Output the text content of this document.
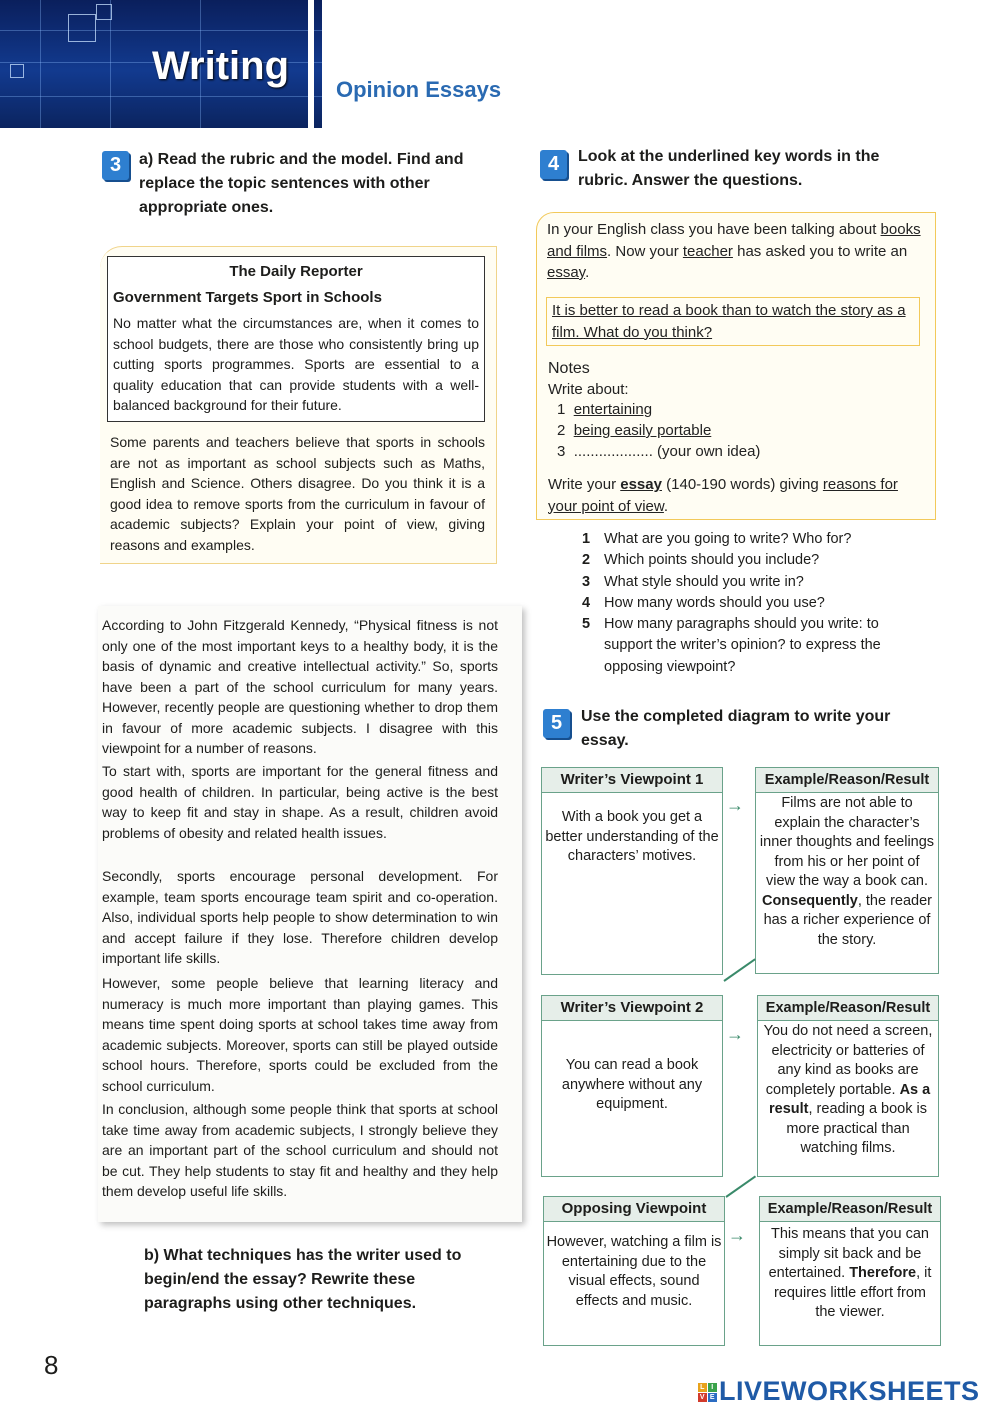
Writing
Opinion Essays
3	a) Read the rubric and the model. Find and replace the topic sentences with other appropriate ones.
The Daily Reporter
Government Targets Sport in Schools
No matter what the circumstances are, when it comes to school budgets, there are those who consistently bring up cutting sports programmes. Sports are essential to a quality education that can provide students with a well-balanced background for their future.
Some parents and teachers believe that sports in schools are not as important as school subjects such as Maths, English and Science. Others disagree. Do you think it is a good idea to remove sports from the curriculum in favour of academic subjects? Explain your point of view, giving reasons and examples.
According to John Fitzgerald Kennedy, “Physical fitness is not only one of the most important keys to a healthy body, it is the basis of dynamic and creative intellectual activity.” So, sports have been a part of the school curriculum for many years. However, recently people are questioning whether to drop them in favour of more academic subjects. I disagree with this viewpoint for a number of reasons.
To start with, sports are important for the general fitness and good health of children. In particular, being active is the best way to keep fit and stay in shape. As a result, children avoid problems of obesity and related health issues.
Secondly, sports encourage personal development. For example, team sports encourage team spirit and co-operation. Also, individual sports help people to show determination to win and accept failure if they lose. Therefore children develop important life skills.
However, some people believe that learning literacy and numeracy is much more important than playing games. This means time spent doing sports at school takes time away from academic subjects. Moreover, sports can still be played outside school hours. Therefore, sports could be excluded from the school curriculum.
In conclusion, although some people think that sports at school take time away from academic subjects, I strongly believe they are an important part of the school curriculum and should not be cut. They help students to stay fit and healthy and they help them develop useful life skills.
b) What techniques has the writer used to begin/end the essay? Rewrite these paragraphs using other techniques.
8
4	Look at the underlined key words in the rubric. Answer the questions.
In your English class you have been talking about books and films. Now your teacher has asked you to write an essay.
It is better to read a book than to watch the story as a film. What do you think?
Notes
Write about:
1 entertaining
2 being easily portable
3 ................... (your own idea)
Write your essay (140-190 words) giving reasons for your point of view.
1 What are you going to write? Who for?
2 Which points should you include?
3 What style should you write in?
4 How many words should you use?
5 How many paragraphs should you write: to support the writer’s opinion? to express the opposing viewpoint?
5	Use the completed diagram to write your essay.
Writer’s Viewpoint 1
With a book you get a better understanding of the characters’ motives.
→
Example/Reason/Result
Films are not able to explain the character’s inner thoughts and feelings from his or her point of view the way a book can. Consequently, the reader has a richer experience of the story.
Writer’s Viewpoint 2
You can read a book anywhere without any equipment.
→
Example/Reason/Result
You do not need a screen, electricity or batteries of any kind as books are completely portable. As a result, reading a book is more practical than watching films.
Opposing Viewpoint
However, watching a film is entertaining due to the visual effects, sound effects and music.
→
Example/Reason/Result
This means that you can simply sit back and be entertained. Therefore, it requires little effort from the viewer.
L I
V E LIVEWORKSHEETS
